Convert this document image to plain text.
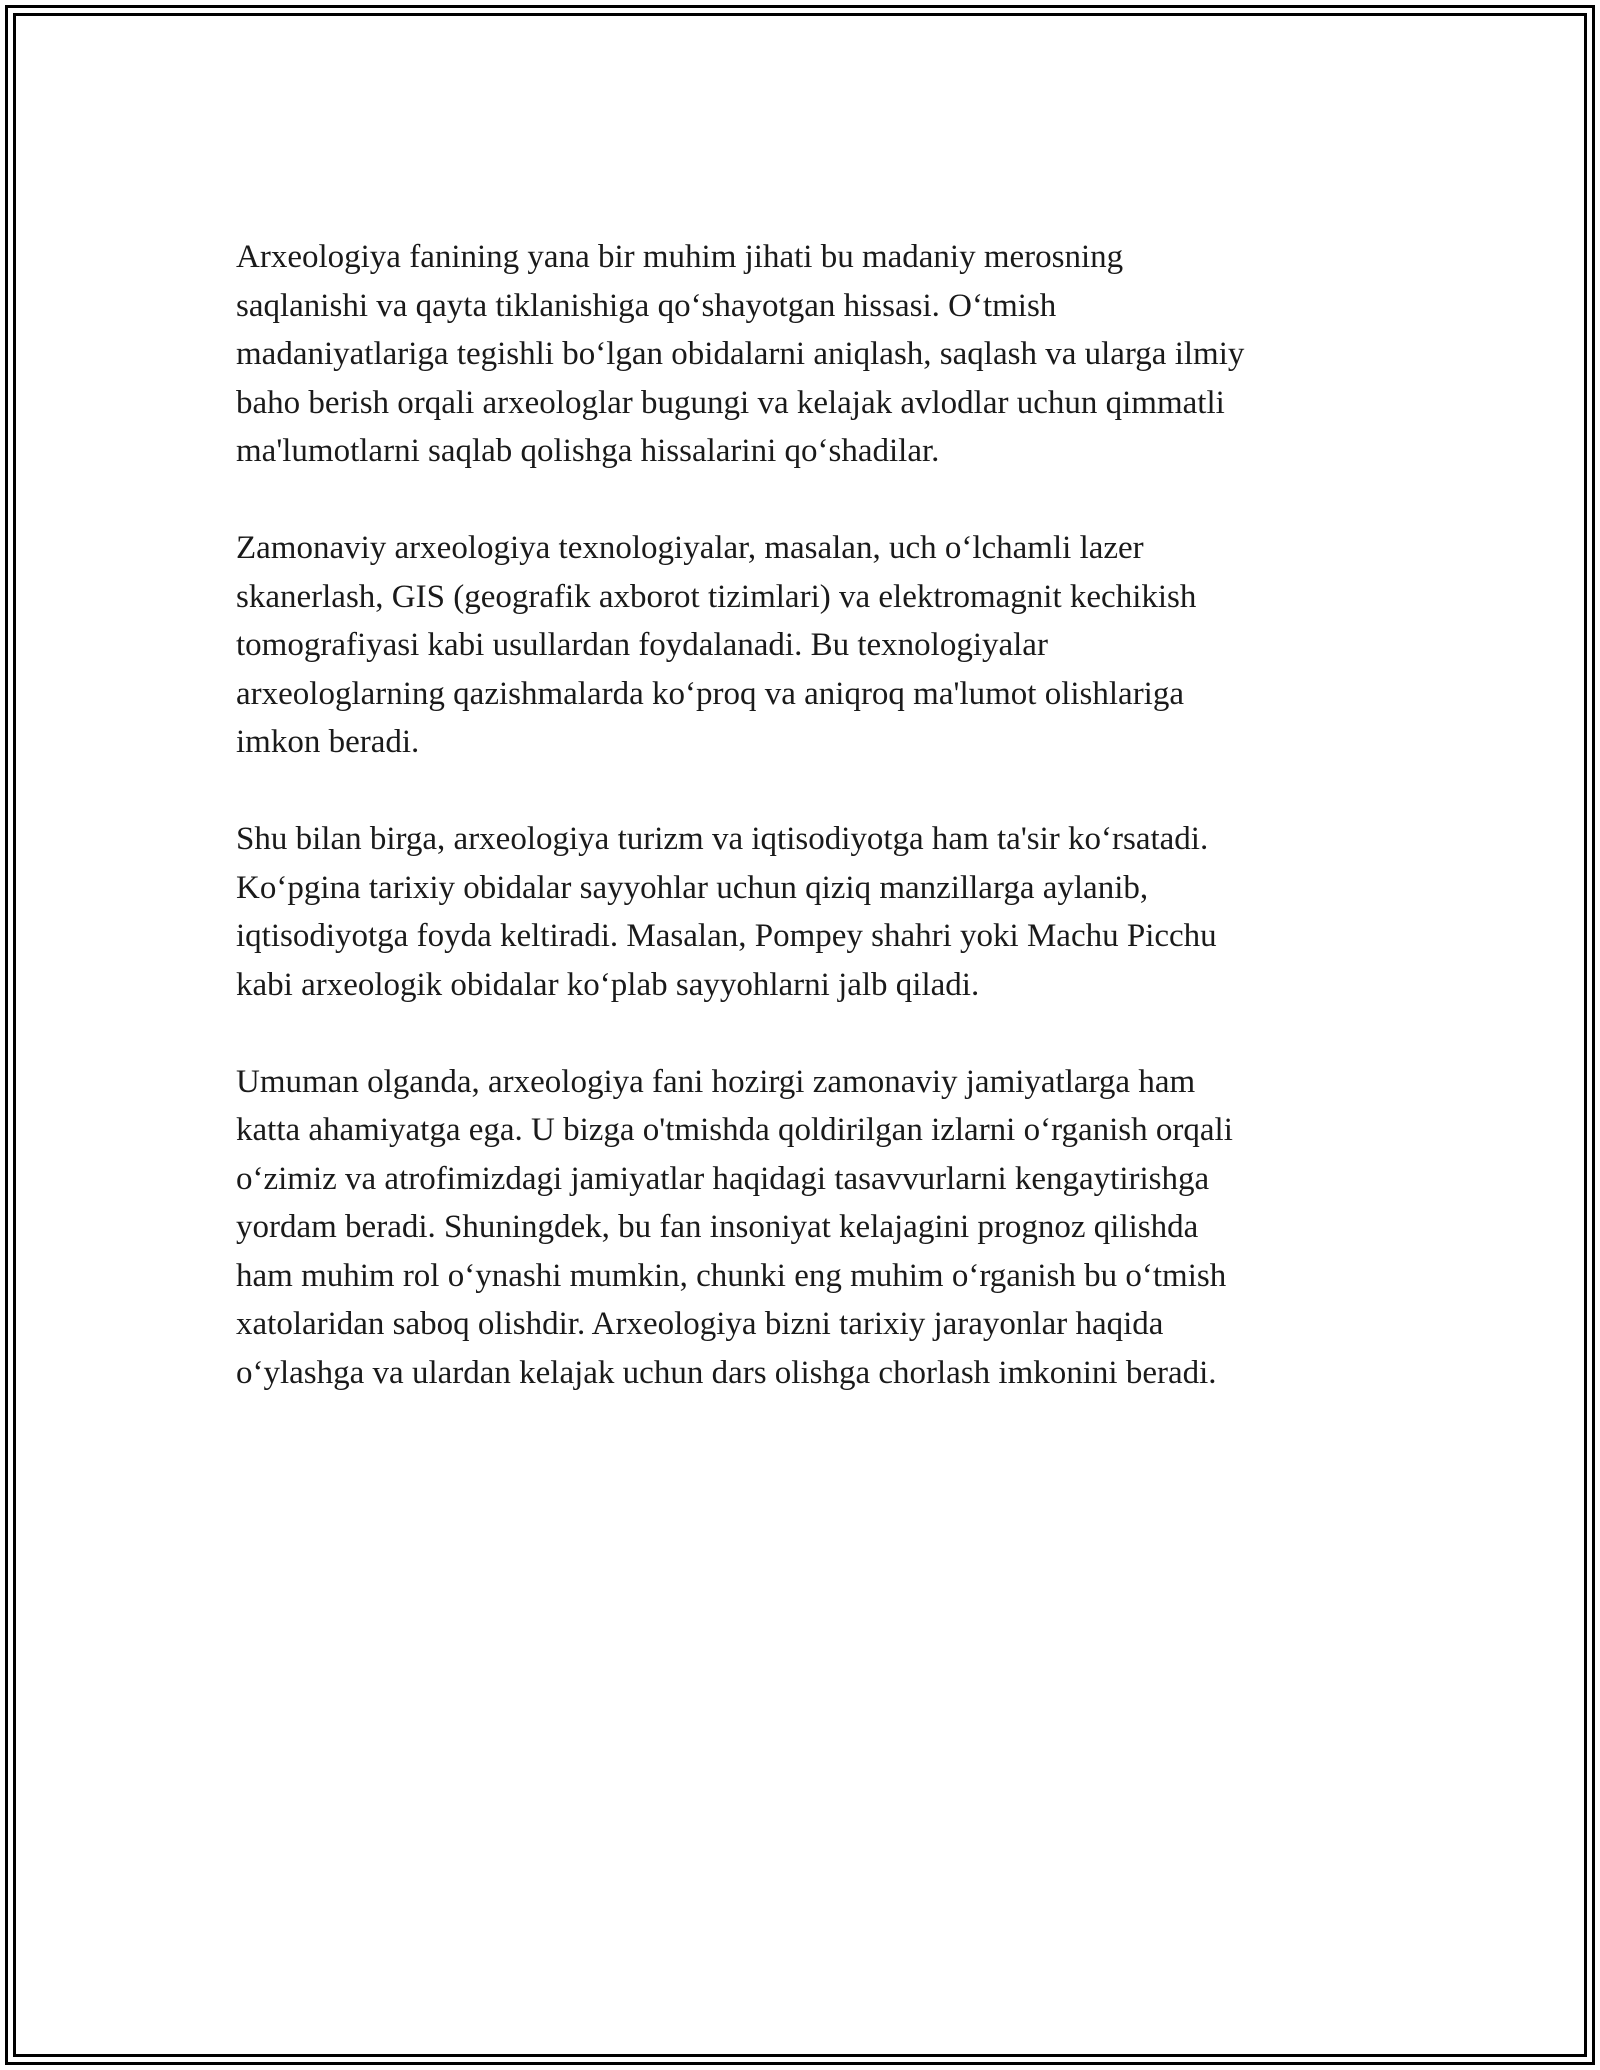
Arxeologiya fanining yana bir muhim jihati bu madaniy merosning
saqlanishi va qayta tiklanishiga qo‘shayotgan hissasi. O‘tmish
madaniyatlariga tegishli bo‘lgan obidalarni aniqlash, saqlash va ularga ilmiy
baho berish orqali arxeologlar bugungi va kelajak avlodlar uchun qimmatli
ma'lumotlarni saqlab qolishga hissalarini qo‘shadilar.

Zamonaviy arxeologiya texnologiyalar, masalan, uch o‘lchamli lazer
skanerlash, GIS (geografik axborot tizimlari) va elektromagnit kechikish
tomografiyasi kabi usullardan foydalanadi. Bu texnologiyalar
arxeologlarning qazishmalarda ko‘proq va aniqroq ma'lumot olishlariga
imkon beradi.

Shu bilan birga, arxeologiya turizm va iqtisodiyotga ham ta'sir ko‘rsatadi.
Ko‘pgina tarixiy obidalar sayyohlar uchun qiziq manzillarga aylanib,
iqtisodiyotga foyda keltiradi. Masalan, Pompey shahri yoki Machu Picchu
kabi arxeologik obidalar ko‘plab sayyohlarni jalb qiladi.

Umuman olganda, arxeologiya fani hozirgi zamonaviy jamiyatlarga ham
katta ahamiyatga ega. U bizga o'tmishda qoldirilgan izlarni o‘rganish orqali
o‘zimiz va atrofimizdagi jamiyatlar haqidagi tasavvurlarni kengaytirishga
yordam beradi. Shuningdek, bu fan insoniyat kelajagini prognoz qilishda
ham muhim rol o‘ynashi mumkin, chunki eng muhim o‘rganish bu o‘tmish
xatolaridan saboq olishdir. Arxeologiya bizni tarixiy jarayonlar haqida
o‘ylashga va ulardan kelajak uchun dars olishga chorlash imkonini beradi.
